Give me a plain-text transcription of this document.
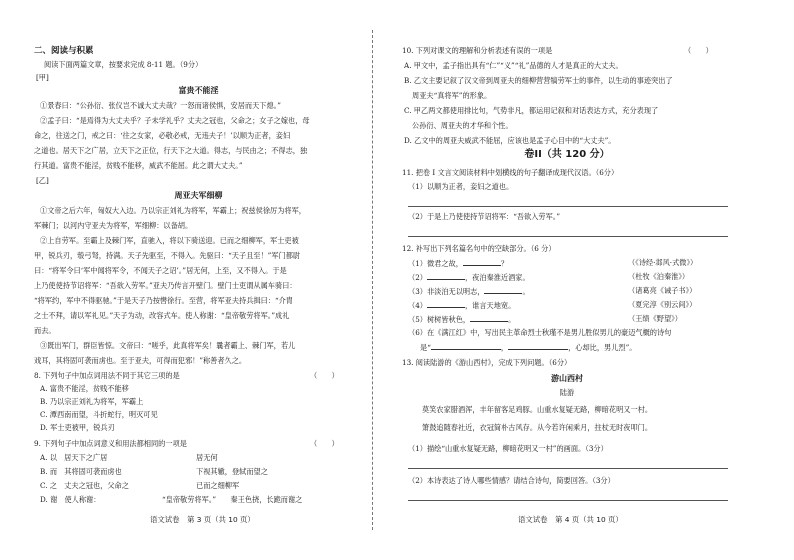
二、阅读与积累
阅读下面两篇文章，按要求完成 8-11 题。（9分）
[甲]
富贵不能淫
①景春曰：“公孙衍、张仪岂不诚大丈夫哉？一怒而诸侯惧，安居而天下熄。”
②孟子曰：“是焉得为大丈夫乎？子未学礼乎？丈夫之冠也，父命之；女子之嫁也，母
命之，往送之门，戒之曰：‘往之女家，必敬必戒，无违夫子！’以顺为正者，妾妇
之道也。居天下之广居，立天下之正位，行天下之大道。得志，与民由之；不得志，独
行其道。富贵不能淫，贫贱不能移，威武不能屈。此之谓大丈夫。”
[乙]
周亚夫军细柳
①文帝之后六年，匈奴大入边。乃以宗正刘礼为将军，军霸上；祝兹侯徐厉为将军，
军棘门；以河内守亚夫为将军，军细柳：以备胡。
②上自劳军。至霸上及棘门军，直驰入，将以下骑送迎。已而之细柳军，军士吏被
甲，锐兵刃，彀弓弩，持满。天子先驱至，不得入。先驱曰：“天子且至！”军门都尉
曰：“将军令曰‘军中闻将军令，不闻天子之诏’。”居无何，上至，又不得入。于是
上乃使使持节诏将军：“吾欲入劳军。”亚夫乃传言开壁门。壁门士吏谓从属车骑曰：
“将军约，军中不得驱驰。”于是天子乃按辔徐行。至营，将军亚夫持兵揖曰：“介胄
之士不拜，请以军礼见。”天子为动，改容式车。使人称谢：“皇帝敬劳将军。”成礼
而去。
③既出军门，群臣皆惊。文帝曰：“嗟乎，此真将军矣！曩者霸上、棘门军，若儿
戏耳，其将固可袭而虏也。至于亚夫，可得而犯邪！”称善者久之。
8. 下列句子中加点词用法不同于其它三项的是	（　　）
A. 富贵不能淫，贫贱不能移
B. 乃以宗正刘礼为将军，军霸上
C. 潭西南而望，斗折蛇行，明灭可见
D. 军士吏被甲，锐兵刃
9. 下列句子中加点词意义和用法都相同的一项是	（　　）
A. 以　居天下之广居	居无何
B. 而　其将固可袭而虏也	下视其辙，登轼而望之
C. 之　丈夫之冠也，父命之	已而之细柳军
D. 谢　使人称谢：	“皇帝敬劳将军。”　　秦王色挠，长跪而谢之
语文试卷　第 3 页（共 10 页）
10. 下列对课文的理解和分析表述有误的一项是	（　　）
A. 甲文中，孟子指出具有“仁”“义”“礼”品德的人才是真正的大丈夫。
B. 乙文主要记叙了汉文帝到周亚夫的细柳营营犒劳军士的事件，以生动的事迹突出了
周亚夫“真将军”的形象。
C. 甲乙两文都使用排比句，气势非凡，都运用记叙和对话表达方式，充分表现了
公孙衍、周亚夫的才华和个性。
D. 乙文中的周亚夫威武不能屈，应该也是孟子心目中的“大丈夫”。
卷II（共 120 分）
11. 把卷 I 文言文阅读材料中划横线的句子翻译成现代汉语。（6分）
（1）以顺为正者，妾妇之道也。
（2）于是上乃使使持节诏将军：“吾欲入劳军。”
12. 补写出下列名篇名句中的空缺部分。（6 分）
（1）微君之故，	？	（《诗经·邶风·式微》）
（2）	，夜泊秦淮近酒家。	（杜牧《泊秦淮》）
（3）非淡泊无以明志，	。	（诸葛亮《诫子书》）
（4）	，谁言天地宽。	（夏完淳《别云间》）
（5）树树皆秋色，	。	（王绩《野望》）
（6）在《满江红》中，写出民主革命烈士秋瑾不是男儿胜似男儿的豪迈气概的诗句
是“	，	，心却比，男儿烈”。
13. 阅读陆游的《游山西村》，完成下列问题。（6分）
游山西村
陆游
莫笑农家腊酒浑，丰年留客足鸡豚。山重水复疑无路，柳暗花明又一村。
箫鼓追随春社近，衣冠简朴古风存。从今若许闲乘月，拄杖无时夜叩门。
（1）描绘“山重水复疑无路，柳暗花明又一村”的画面。（3分）
（2）本诗表达了诗人哪些情感？请结合诗句，简要回答。（3分）
语文试卷　第 4 页（共 10 页）
